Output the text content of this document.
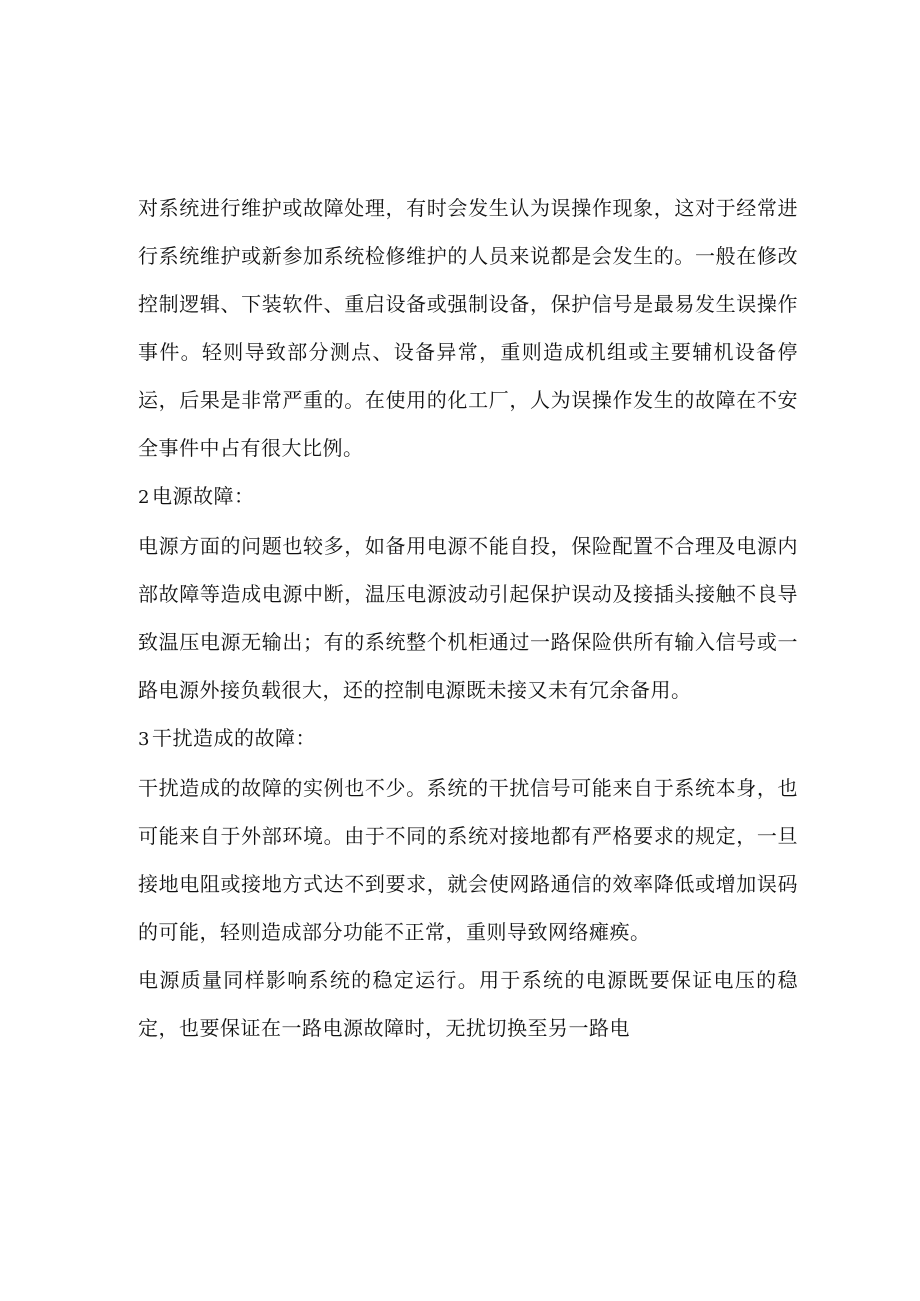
对系统进行维护或故障处理，有时会发生认为误操作现象，这对于经常进行系统维护或新参加系统检修维护的人员来说都是会发生的。一般在修改控制逻辑、下装软件、重启设备或强制设备，保护信号是最易发生误操作事件。轻则导致部分测点、设备异常，重则造成机组或主要辅机设备停运，后果是非常严重的。在使用的化工厂，人为误操作发生的故障在不安全事件中占有很大比例。

2 电源故障：

电源方面的问题也较多，如备用电源不能自投，保险配置不合理及电源内部故障等造成电源中断，温压电源波动引起保护误动及接插头接触不良导致温压电源无输出；有的系统整个机柜通过一路保险供所有输入信号或一路电源外接负载很大，还的控制电源既未接又未有冗余备用。

3 干扰造成的故障：

干扰造成的故障的实例也不少。系统的干扰信号可能来自于系统本身，也可能来自于外部环境。由于不同的系统对接地都有严格要求的规定，一旦接地电阻或接地方式达不到要求，就会使网路通信的效率降低或增加误码的可能，轻则造成部分功能不正常，重则导致网络瘫痪。

电源质量同样影响系统的稳定运行。用于系统的电源既要保证电压的稳定，也要保证在一路电源故障时，无扰切换至另一路电
